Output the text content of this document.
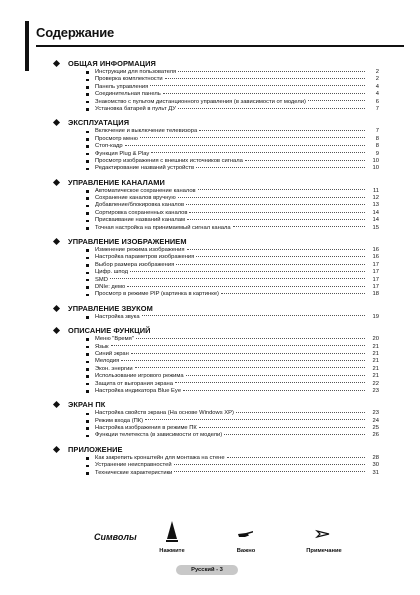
Содержание
ОБЩАЯ ИНФОРМАЦИЯ
Инструкции для пользователя	2
Проверка комплектности	2
Панель управления	4
Соединительная панель	4
Знакомство с пультом дистанционного управления (в зависимости от модели)	6
Установка батарей в пульт ДУ	7
ЭКСПЛУАТАЦИЯ
Включение и выключение телевизора	7
Просмотр меню	8
Стоп-кадр	8
Функция Plug & Play	9
Просмотр изображения с внешних источников сигнала	10
Редактирование названий устройств	10
УПРАВЛЕНИЕ КАНАЛАМИ
Автоматическое сохранение каналов	11
Сохранение каналов вручную	12
Добавление/блокировка каналов	13
Сортировка сохраненных каналов	14
Присваивание названий каналам	14
Точная настройка на принимаемый сигнал канала	15
УПРАВЛЕНИЕ ИЗОБРАЖЕНИЕМ
Изменение режима изображения	16
Настройка параметров изображения	16
Выбор размера изображения	17
Цифр. шпод	17
SMD	17
DNIe: демо	17
Просмотр в режиме PIP (картинка в картинке)	18
УПРАВЛЕНИЕ ЗВУКОМ
Настройка звука	19
ОПИСАНИЕ ФУНКЦИЙ
Меню "Время"	20
Язык	21
Синий экран	21
Мелодия	21
Экон. энергии	21
Использование игрового режима	21
Защита от выгорания экрана	22
Настройка индикатора Blue Eye	23
ЭКРАН ПК
Настройка свойств экрана (На основе Windows XP)	23
Режим входа (ПК)	24
Настройка изображения в режиме ПК	25
Функции телетекста (в зависимости от модели)	26
ПРИЛОЖЕНИЕ
Как закрепить кронштейн для монтажа на стене	28
Устранение неисправностей	30
Технические характеристики	31
Символы
Нажмите	Важно	Примечание
Русский - 3
